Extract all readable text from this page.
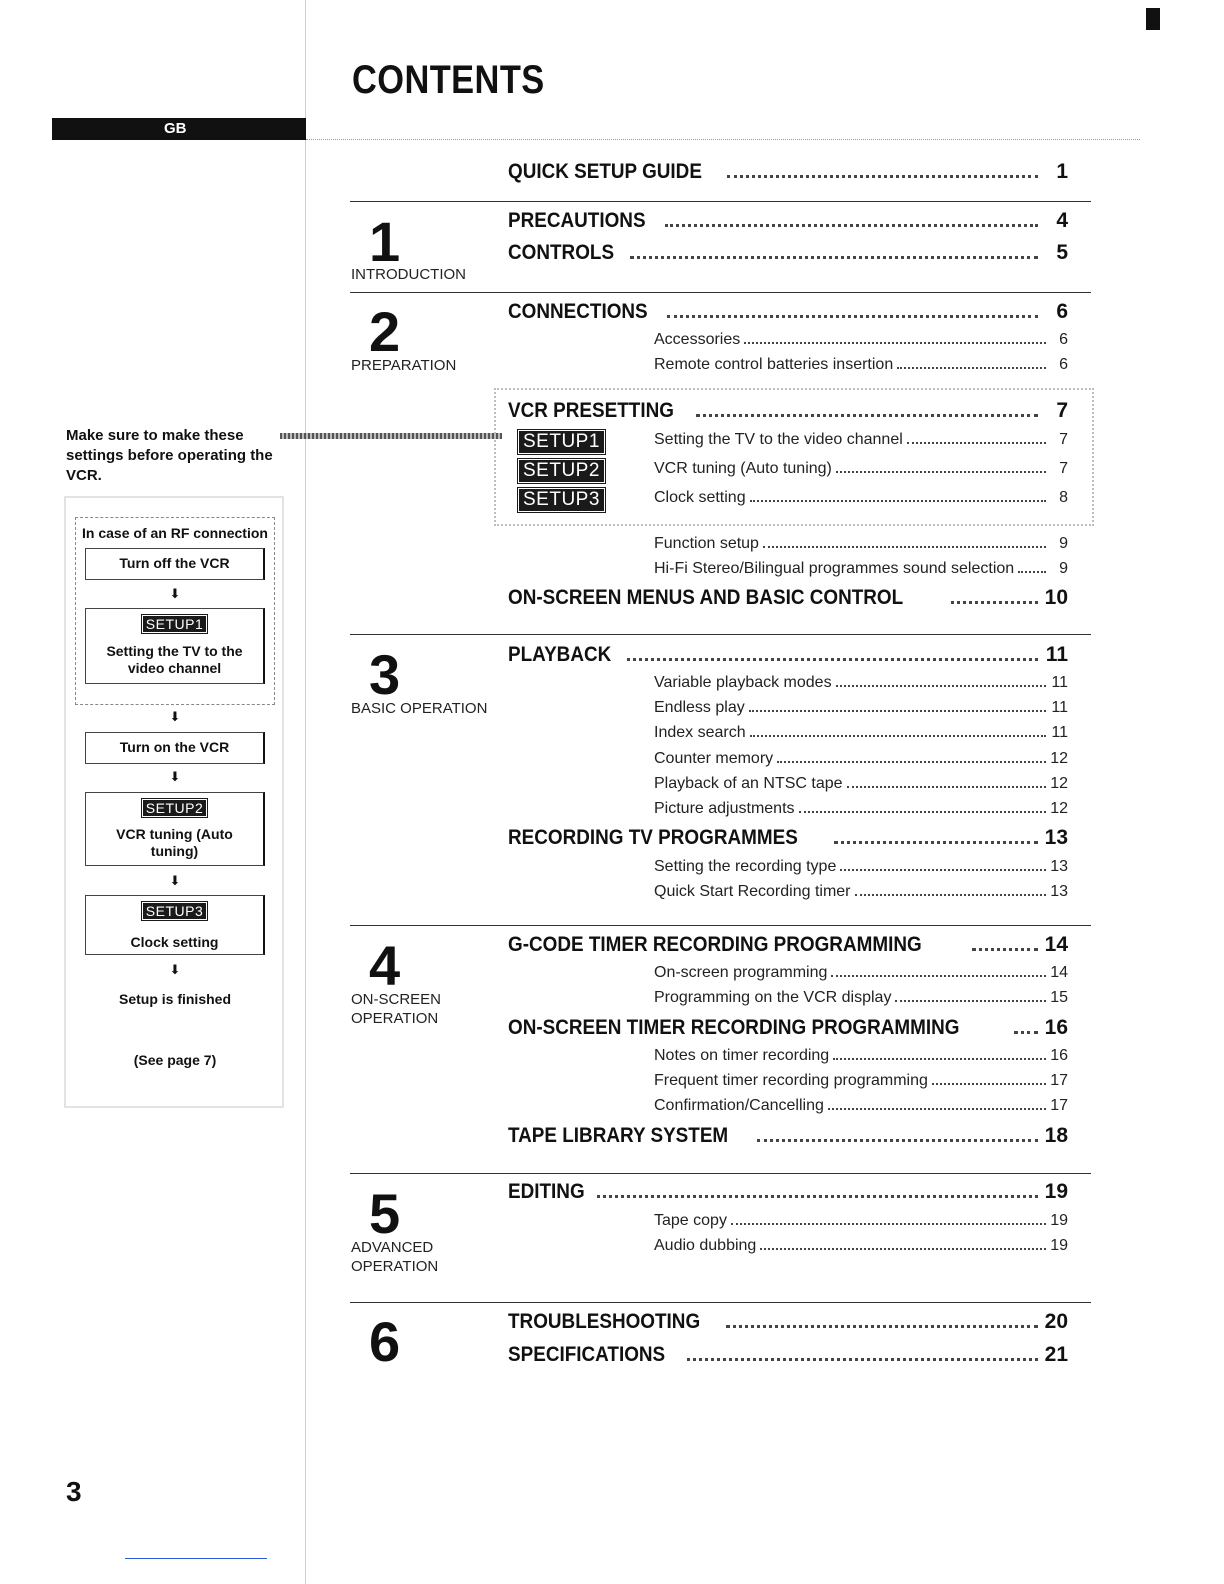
CONTENTS
GB

Make sure to make these settings before operating the VCR.

In case of an RF connection
Turn off the VCR
⬇
SETUP1
Setting the TV to the video channel
⬇
Turn on the VCR
⬇
SETUP2
VCR tuning (Auto tuning)
⬇
SETUP3
Clock setting
⬇
Setup is finished
(See page 7)
QUICK SETUP GUIDE	1
1
INTRODUCTION
PRECAUTIONS	4
CONTROLS	5
2
PREPARATION
CONNECTIONS	6
Accessories	6
Remote control batteries insertion	6
VCR PRESETTING	7
SETUP1	Setting the TV to the video channel	7
SETUP2	VCR tuning (Auto tuning)	7
SETUP3	Clock setting	8
Function setup	9
Hi-Fi Stereo/Bilingual programmes sound selection	9
ON-SCREEN MENUS AND BASIC CONTROL	10
3
BASIC OPERATION
PLAYBACK	11
Variable playback modes	11
Endless play	11
Index search	11
Counter memory	12
Playback of an NTSC tape	12
Picture adjustments	12
RECORDING TV PROGRAMMES	13
Setting the recording type	13
Quick Start Recording timer	13
4
ON-SCREEN OPERATION
G-CODE TIMER RECORDING PROGRAMMING	14
On-screen programming	14
Programming on the VCR display	15
ON-SCREEN TIMER RECORDING PROGRAMMING	16
Notes on timer recording	16
Frequent timer recording programming	17
Confirmation/Cancelling	17
TAPE LIBRARY SYSTEM	18
5
ADVANCED OPERATION
EDITING	19
Tape copy	19
Audio dubbing	19
6	TROUBLESHOOTING	20
SPECIFICATIONS	21
3
